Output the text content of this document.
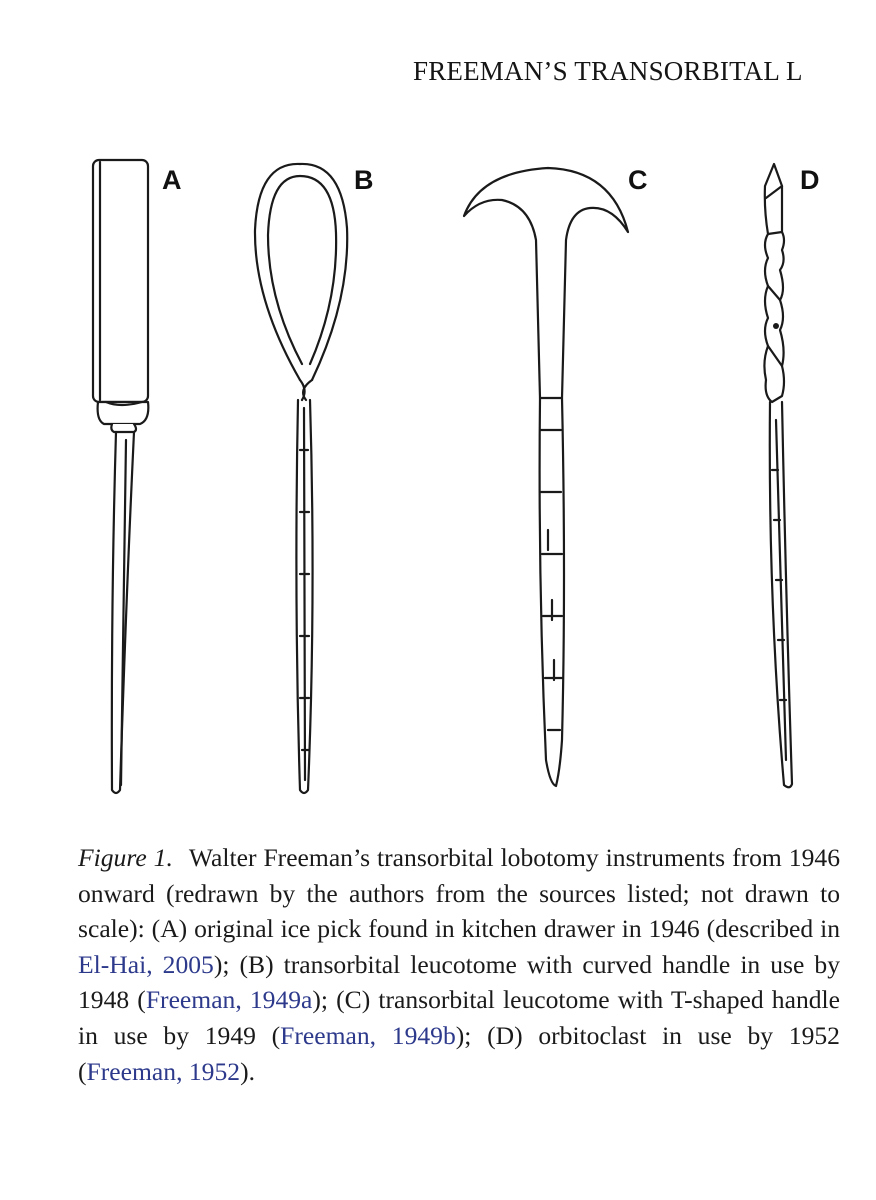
FREEMAN’S TRANSORBITAL L
A	B	C	D
Figure 1. Walter Freeman’s transorbital lobotomy instruments from 1946 onward (redrawn by the authors from the sources listed; not drawn to scale): (A) original ice pick found in kitchen drawer in 1946 (described in El-Hai, 2005); (B) transorbital leucotome with curved handle in use by 1948 (Freeman, 1949a); (C) transorbital leucotome with T-shaped handle in use by 1949 (Freeman, 1949b); (D) orbitoclast in use by 1952 (Freeman, 1952).
